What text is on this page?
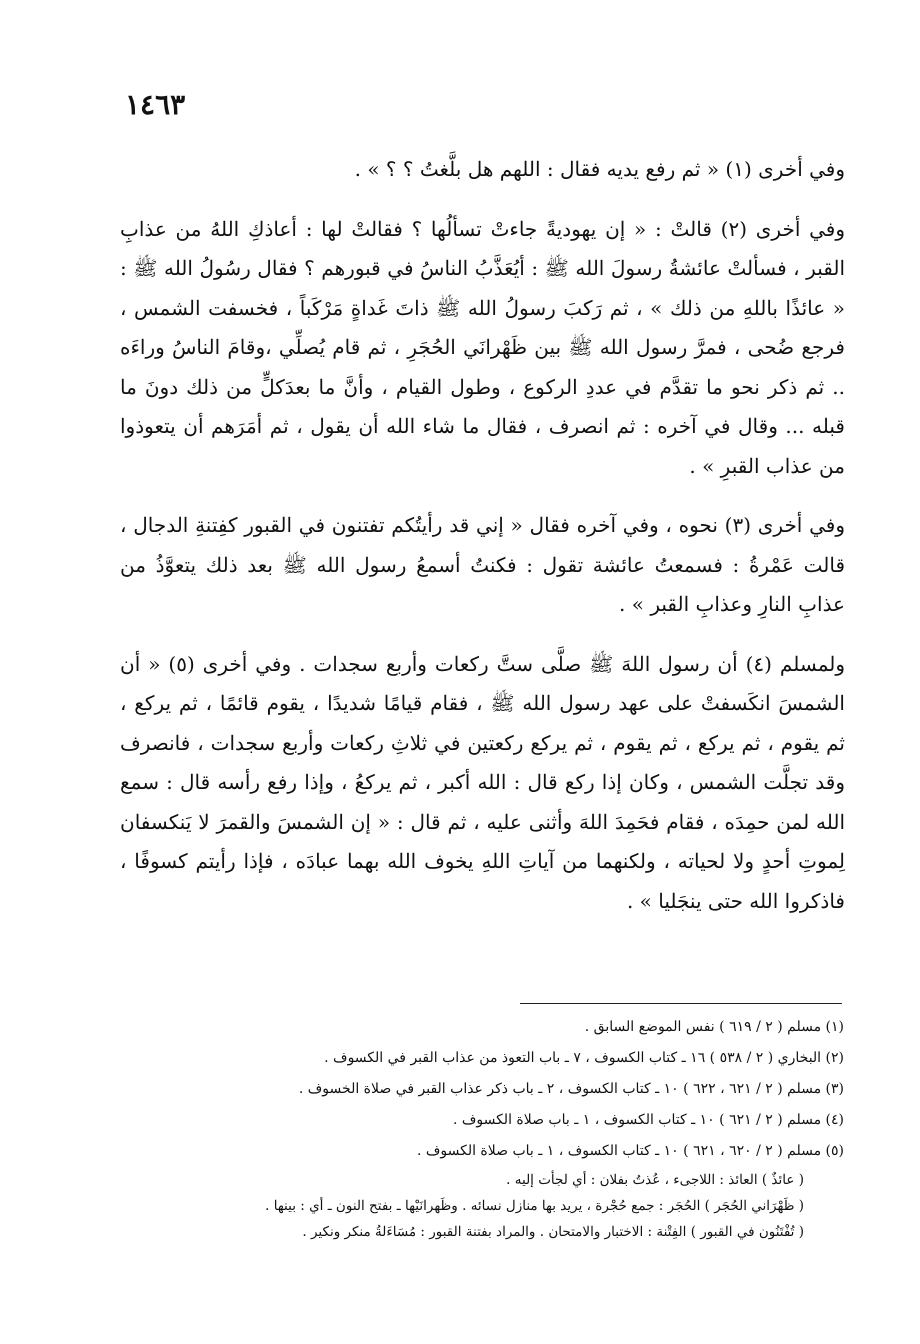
١٤٦٣

وفي أخرى (١) « ثم رفع يديه فقال : اللهم هل بلَّغتُ ؟ ؟ » .

وفي أخرى (٢) قالتْ : « إن يهوديةً جاءتْ تسألُها ؟ فقالتْ لها : أعاذكِ اللهُ من عذابِ القبر ، فسألتْ عائشةُ رسولَ الله ﷺ : أيُعَذَّبُ الناسُ في قبورهم ؟ فقال رسُولُ الله ﷺ : « عائذًا باللهِ من ذلك » ، ثم رَكبَ رسولُ الله ﷺ ذاتَ غَداةٍ مَرْكَباً ، فخسفت الشمس ، فرجع ضُحى ، فمرَّ رسول الله ﷺ بين ظَهْرانَي الحُجَرِ ، ثم قام يُصلِّي ،وقامَ الناسُ وراءَه .. ثم ذكر نحو ما تقدَّم في عددِ الركوع ، وطول القيام ، وأنَّ ما بعدَكلٍّ من ذلك دونَ ما قبله ... وقال في آخره : ثم انصرف ، فقال ما شاء الله أن يقول ، ثم أمَرَهم أن يتعوذوا من عذاب القبرِ » .

وفي أخرى (٣) نحوه ، وفي آخره فقال « إني قد رأيتُكم تفتنون في القبور كفِتنةِ الدجال ، قالت عَمْرةُ : فسمعتُ عائشة تقول : فكنتُ أسمعُ رسول الله ﷺ بعد ذلك يتعوَّذُ من عذابِ النارِ وعذابِ القبر » .

ولمسلم (٤) أن رسول اللهَ ﷺ صلَّى ستَّ ركعات وأربع سجدات . وفي أخرى (٥) « أن الشمسَ انكَسفتْ على عهد رسول الله ﷺ ، فقام قيامًا شديدًا ، يقوم قائمًا ، ثم يركع ، ثم يقوم ، ثم يركع ، ثم يقوم ، ثم يركع ركعتين في ثلاثِ ركعات وأربع سجدات ، فانصرف وقد تجلَّت الشمس ، وكان إذا ركع قال : الله أكبر ، ثم يركعُ ، وإذا رفع رأسه قال : سمع الله لمن حمِدَه ، فقام فحَمِدَ اللهَ وأثنى عليه ، ثم قال : « إن الشمسَ والقمرَ لا يَنكسفان لِموتِ أحدٍ ولا لحياته ، ولكنهما من آياتِ اللهِ يخوف الله بهما عبادَه ، فإذا رأيتم كسوفًا ، فاذكروا الله حتى ينجَليا » .

(١) مسلم ( ٢ / ٦١٩ ) نفس الموضع السابق .
(٢) البخاري ( ٢ / ٥٣٨ ) ١٦ ـ كتاب الكسوف ، ٧ ـ باب التعوذ من عذاب القبر في الكسوف .
(٣) مسلم ( ٢ / ٦٢١ ، ٦٢٢ ) ١٠ ـ كتاب الكسوف ، ٢ ـ باب ذكر عذاب القبر في صلاة الخسوف .
(٤) مسلم ( ٢ / ٦٢١ ) ١٠ ـ كتاب الكسوف ، ١ ـ باب صلاة الكسوف .
(٥) مسلم ( ٢ / ٦٢٠ ، ٦٢١ ) ١٠ ـ كتاب الكسوف ، ١ ـ باب صلاة الكسوف .
( عائذٌ ) العائذ : اللاجىء ، عُذتُ بفلان : أي لجأت إليه .
( ظَهْرَاني الحُجَر ) الحُجَر : جمع حُجْرة ، يريد بها منازل نسائه . وظَهرانَيْها ـ بفتح النون ـ أي : بينها .
( تُفْتَنُون في القبور ) الفِتْنة : الاختبار والامتحان . والمراد بفتنة القبور : مُسَاءَلةُ منكر ونكير .
